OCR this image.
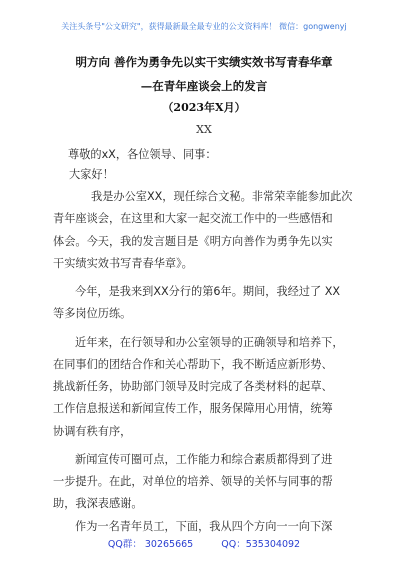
关注头条号"公文研究"，获得最新最全最专业的公文资料库！ 微信：gongwenyj
明方向 善作为勇争先以实干实绩实效书写青春华章
—在青年座谈会上的发言
（2023年X月）
XX
尊敬的xX，各位领导、同事：
大家好！
我是办公室XX，现任综合文秘。非常荣幸能参加此次
青年座谈会，在这里和大家一起交流工作中的一些感悟和
体会。今天，我的发言题目是《明方向善作为勇争先以实
干实绩实效书写青春华章》。
今年，是我来到XX分行的第6年。期间，我经过了 XX
等多岗位历练。
近年来，在行领导和办公室领导的正确领导和培养下，
在同事们的团结合作和关心帮助下，我不断适应新形势、
挑战新任务，协助部门领导及时完成了各类材料的起草、
工作信息报送和新闻宣传工作，服务保障用心用情，统筹
协调有秩有序，
新闻宣传可圈可点，工作能力和综合素质都得到了进
一步提升。在此，对单位的培养、领导的关怀与同事的帮
助，我深表感谢。
作为一名青年员工，下面，我从四个方向一一向下深
QQ群： 30265665	QQ：535304092
